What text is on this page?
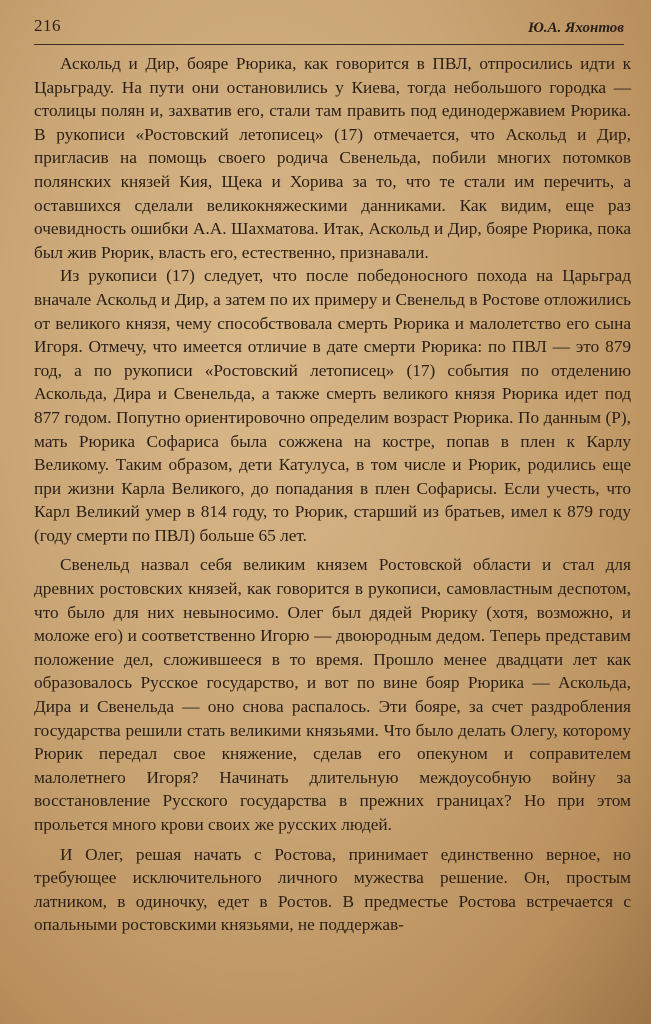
216	Ю.А. Яхонтов

Аскольд и Дир, бояре Рюрика, как говорится в ПВЛ, отпросились идти к Царьграду. На пути они остановились у Киева, тогда небольшого городка — столицы полян и, захватив его, стали там править под единодержавием Рюрика. В рукописи «Ростовский летописец» (17) отмечается, что Аскольд и Дир, пригласив на помощь своего родича Свенельда, побили многих потомков полянских князей Кия, Щека и Хорива за то, что те стали им перечить, а оставшихся сделали великокняжескими данниками. Как видим, еще раз очевидность ошибки А.А. Шахматова. Итак, Аскольд и Дир, бояре Рюрика, пока был жив Рюрик, власть его, естественно, признавали.

Из рукописи (17) следует, что после победоносного похода на Царьград вначале Аскольд и Дир, а затем по их примеру и Свенельд в Ростове отложились от великого князя, чему способствовала смерть Рюрика и малолетство его сына Игоря. Отмечу, что имеется отличие в дате смерти Рюрика: по ПВЛ — это 879 год, а по рукописи «Ростовский летописец» (17) события по отделению Аскольда, Дира и Свенельда, а также смерть великого князя Рюрика идет под 877 годом. Попутно ориентировочно определим возраст Рюрика. По данным (Р), мать Рюрика Софариса была сожжена на костре, попав в плен к Карлу Великому. Таким образом, дети Катулуса, в том числе и Рюрик, родились еще при жизни Карла Великого, до попадания в плен Софарисы. Если учесть, что Карл Великий умер в 814 году, то Рюрик, старший из братьев, имел к 879 году (году смерти по ПВЛ) больше 65 лет.

Свенельд назвал себя великим князем Ростовской области и стал для древних ростовских князей, как говорится в рукописи, самовластным деспотом, что было для них невыносимо. Олег был дядей Рюрику (хотя, возможно, и моложе его) и соответственно Игорю — двоюродным дедом. Теперь представим положение дел, сложившееся в то время. Прошло менее двадцати лет как образовалось Русское государство, и вот по вине бояр Рюрика — Аскольда, Дира и Свенельда — оно снова распалось. Эти бояре, за счет раздробления государства решили стать великими князьями. Что было делать Олегу, которому Рюрик передал свое княжение, сделав его опекуном и соправителем малолетнего Игоря? Начинать длительную междоусобную войну за восстановление Русского государства в прежних границах? Но при этом прольется много крови своих же русских людей.

И Олег, решая начать с Ростова, принимает единственно верное, но требующее исключительного личного мужества решение. Он, простым латником, в одиночку, едет в Ростов. В предместье Ростова встречается с опальными ростовскими князьями, не поддержав-
